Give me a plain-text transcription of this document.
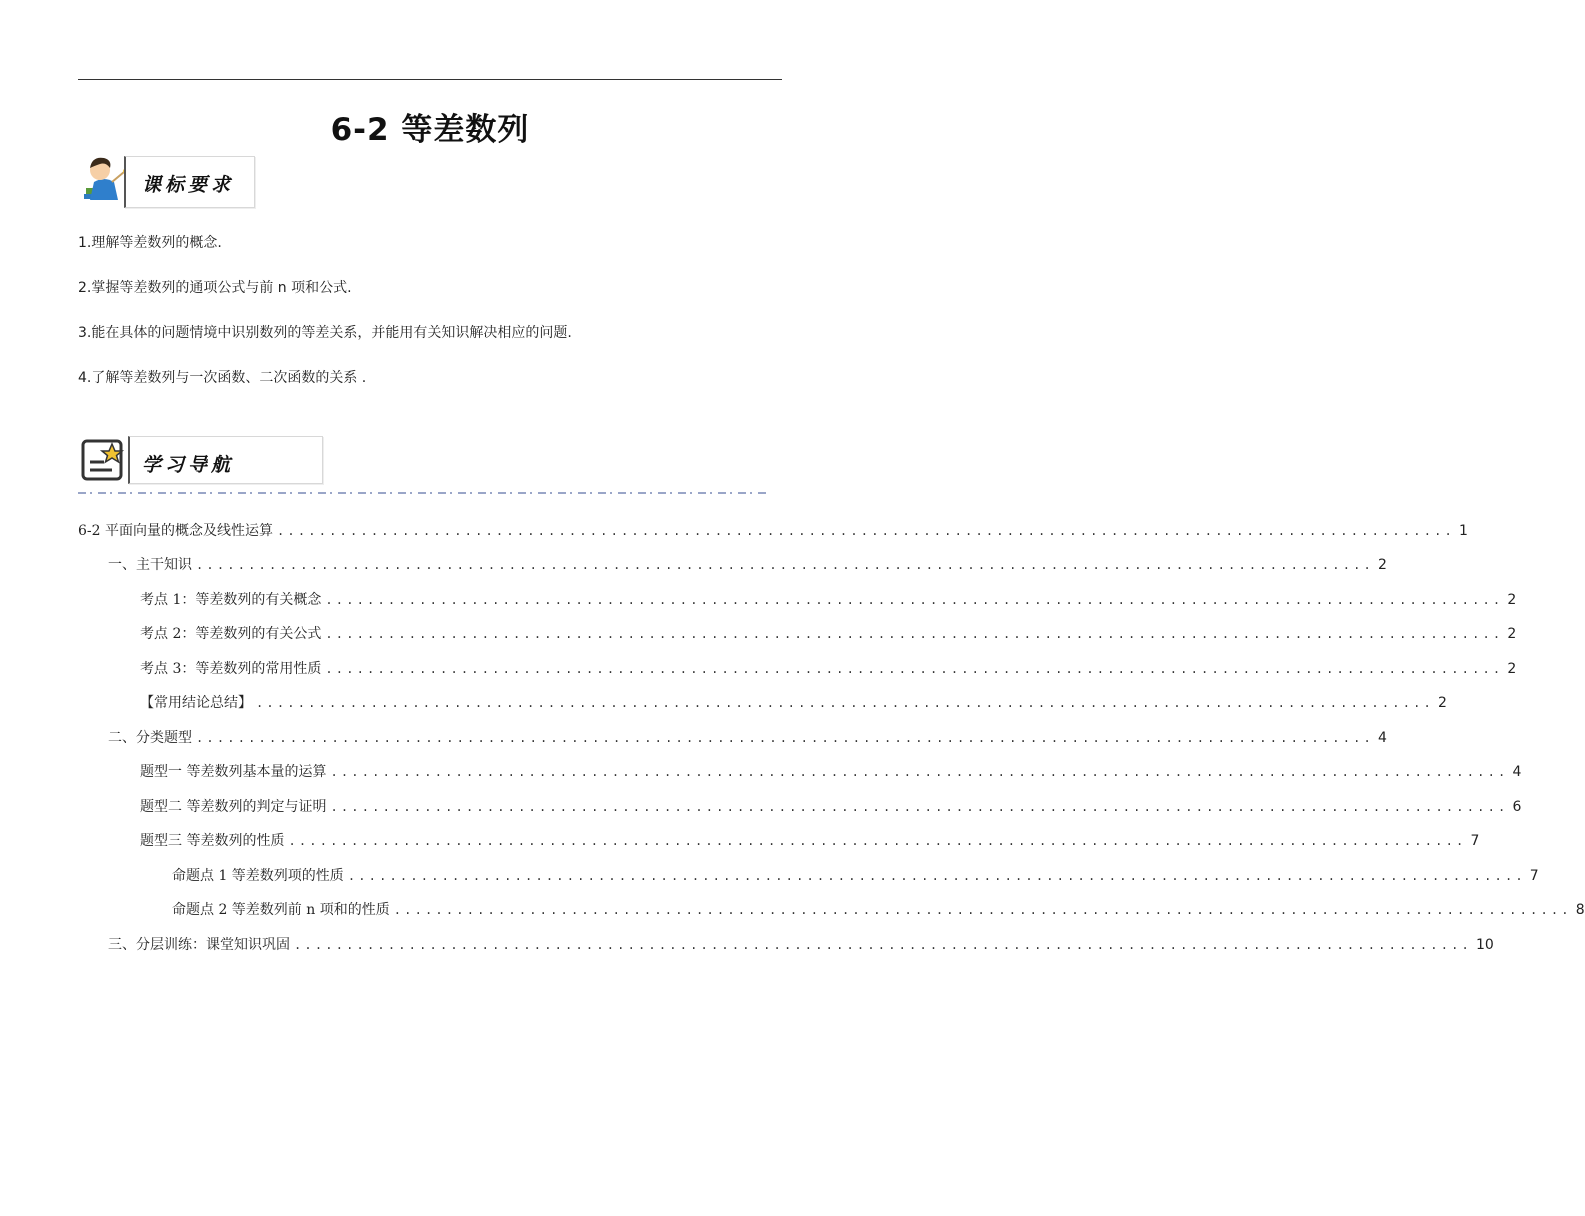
6-2 等差数列
课标要求
1.理解等差数列的概念.
2.掌握等差数列的通项公式与前 n 项和公式.
3.能在具体的问题情境中识别数列的等差关系，并能用有关知识解决相应的问题.
4.了解等差数列与一次函数、二次函数的关系 .
学习导航
6-2 平面向量的概念及线性运算 ................................................................................................................. 1
一、主干知识 ................................................................................................................. 2
考点 1：等差数列的有关概念 ................................................................................................................. 2
考点 2：等差数列的有关公式 ................................................................................................................. 2
考点 3：等差数列的常用性质 ................................................................................................................. 2
【常用结论总结】 ................................................................................................................. 2
二、分类题型 ................................................................................................................. 4
题型一 等差数列基本量的运算 ................................................................................................................. 4
题型二 等差数列的判定与证明 ................................................................................................................. 6
题型三 等差数列的性质 ................................................................................................................. 7
命题点 1 等差数列项的性质 ................................................................................................................. 7
命题点 2 等差数列前 n 项和的性质 ................................................................................................................. 8
三、分层训练：课堂知识巩固 ................................................................................................................. 10
